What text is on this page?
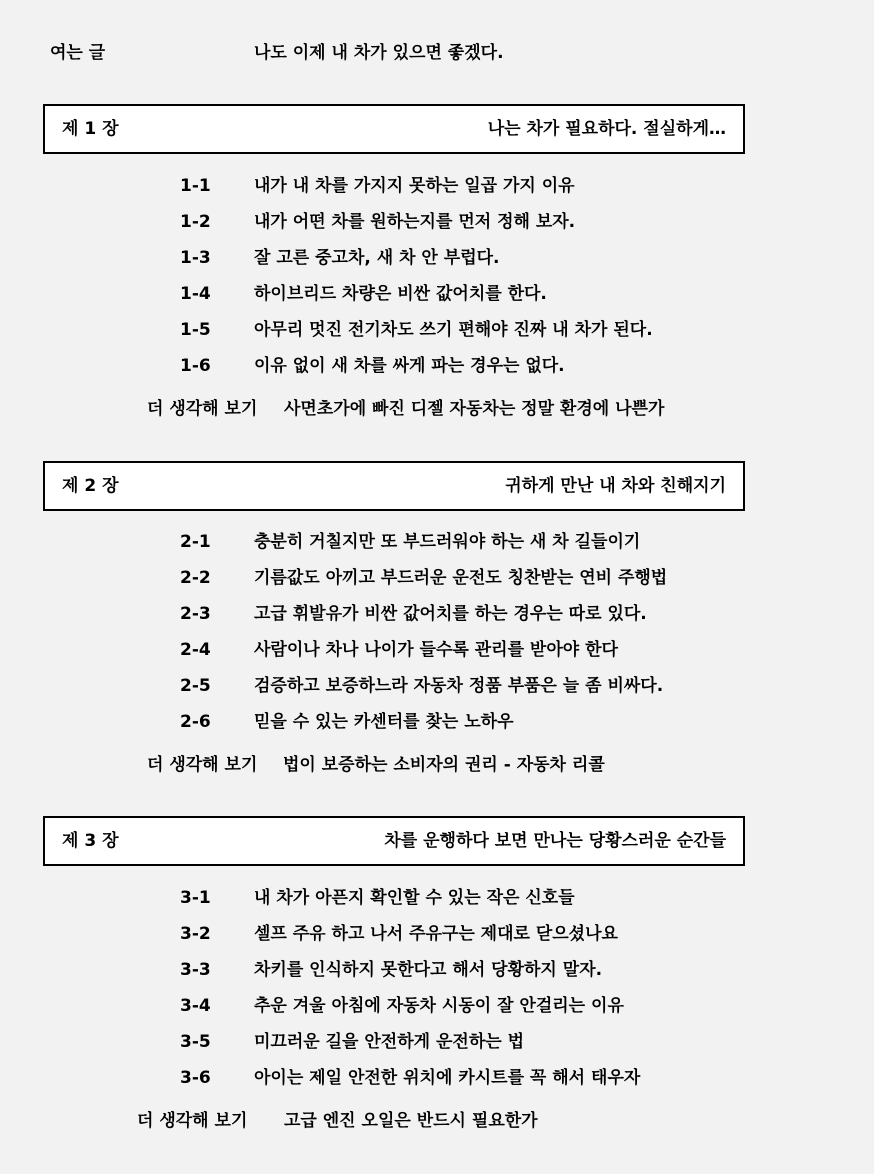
여는 글	나도 이제 내 차가 있으면 좋겠다.
제 1 장	나는 차가 필요하다. 절실하게…
1-1	내가 내 차를 가지지 못하는 일곱 가지 이유
1-2	내가 어떤 차를 원하는지를 먼저 정해 보자.
1-3	잘 고른 중고차, 새 차 안 부럽다.
1-4	하이브리드 차량은 비싼 값어치를 한다.
1-5	아무리 멋진 전기차도 쓰기 편해야 진짜 내 차가 된다.
1-6	이유 없이 새 차를 싸게 파는 경우는 없다.
더 생각해 보기 사면초가에 빠진 디젤 자동차는 정말 환경에 나쁜가
제 2 장	귀하게 만난 내 차와 친해지기
2-1	충분히 거칠지만 또 부드러워야 하는 새 차 길들이기
2-2	기름값도 아끼고 부드러운 운전도 칭찬받는 연비 주행법
2-3	고급 휘발유가 비싼 값어치를 하는 경우는 따로 있다.
2-4	사람이나 차나 나이가 들수록 관리를 받아야 한다
2-5	검증하고 보증하느라 자동차 정품 부품은 늘 좀 비싸다.
2-6	믿을 수 있는 카센터를 찾는 노하우
더 생각해 보기 법이 보증하는 소비자의 권리 - 자동차 리콜
제 3 장	차를 운행하다 보면 만나는 당황스러운 순간들
3-1	내 차가 아픈지 확인할 수 있는 작은 신호들
3-2	셀프 주유 하고 나서 주유구는 제대로 닫으셨나요
3-3	차키를 인식하지 못한다고 해서 당황하지 말자.
3-4	추운 겨울 아침에 자동차 시동이 잘 안걸리는 이유
3-5	미끄러운 길을 안전하게 운전하는 법
3-6	아이는 제일 안전한 위치에 카시트를 꼭 해서 태우자
더 생각해 보기 고급 엔진 오일은 반드시 필요한가
